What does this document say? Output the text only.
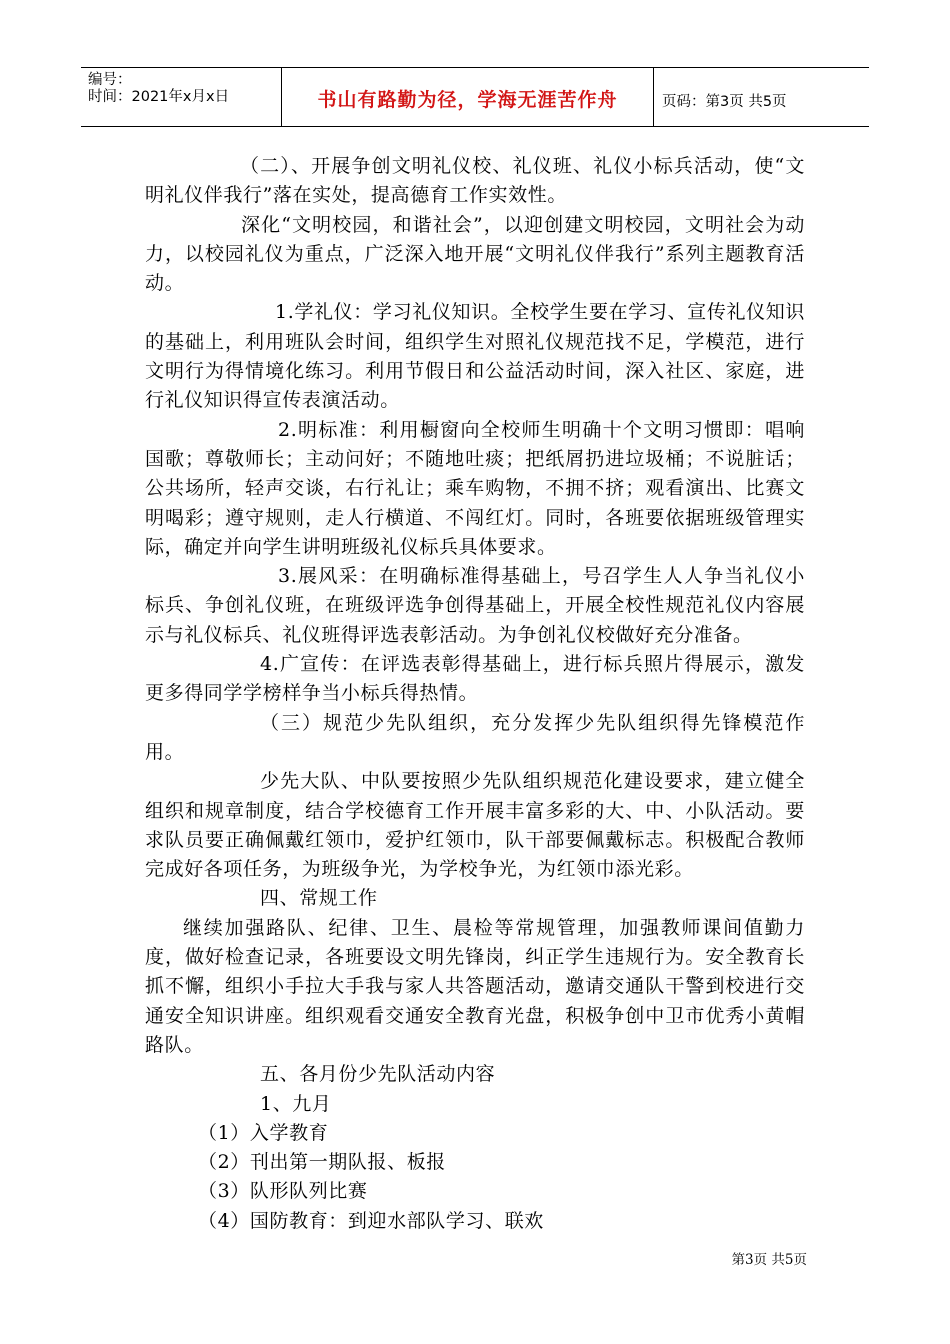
编号：
时间：2021年x月x日	书山有路勤为径，学海无涯苦作舟	页码：第3页 共5页

（二）、开展争创文明礼仪校、礼仪班、礼仪小标兵活动，使“文明礼仪伴我行”落在实处，提高德育工作实效性。

深化“文明校园，和谐社会”，以迎创建文明校园，文明社会为动力，以校园礼仪为重点，广泛深入地开展“文明礼仪伴我行”系列主题教育活动。

1.学礼仪：学习礼仪知识。全校学生要在学习、宣传礼仪知识的基础上，利用班队会时间，组织学生对照礼仪规范找不足，学模范，进行文明行为得情境化练习。利用节假日和公益活动时间，深入社区、家庭，进行礼仪知识得宣传表演活动。

2.明标准：利用橱窗向全校师生明确十个文明习惯即：唱响国歌；尊敬师长；主动问好；不随地吐痰；把纸屑扔进垃圾桶；不说脏话；公共场所，轻声交谈，右行礼让；乘车购物，不拥不挤；观看演出、比赛文明喝彩；遵守规则，走人行横道、不闯红灯。同时，各班要依据班级管理实际，确定并向学生讲明班级礼仪标兵具体要求。

3.展风采：在明确标准得基础上，号召学生人人争当礼仪小标兵、争创礼仪班，在班级评选争创得基础上，开展全校性规范礼仪内容展示与礼仪标兵、礼仪班得评选表彰活动。为争创礼仪校做好充分准备。

4.广宣传：在评选表彰得基础上，进行标兵照片得展示，激发更多得同学学榜样争当小标兵得热情。

（三）规范少先队组织，充分发挥少先队组织得先锋模范作用。

少先大队、中队要按照少先队组织规范化建设要求，建立健全组织和规章制度，结合学校德育工作开展丰富多彩的大、中、小队活动。要求队员要正确佩戴红领巾，爱护红领巾，队干部要佩戴标志。积极配合教师完成好各项任务，为班级争光，为学校争光，为红领巾添光彩。

四、常规工作

继续加强路队、纪律、卫生、晨检等常规管理，加强教师课间值勤力度，做好检查记录，各班要设文明先锋岗，纠正学生违规行为。安全教育长抓不懈，组织小手拉大手我与家人共答题活动，邀请交通队干警到校进行交通安全知识讲座。组织观看交通安全教育光盘，积极争创中卫市优秀小黄帽路队。

五、各月份少先队活动内容

1、九月

（1）入学教育

（2）刊出第一期队报、板报

（3）队形队列比赛

（4）国防教育：到迎水部队学习、联欢

第3页 共5页
